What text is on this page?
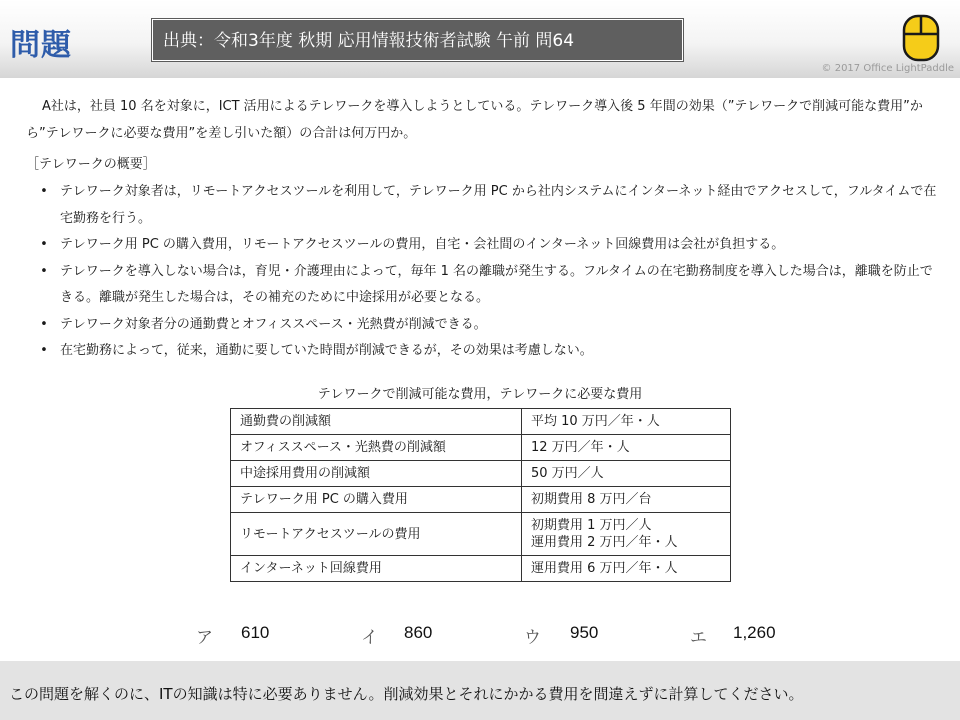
問題	出典：令和3年度 秋期 応用情報技術者試験 午前 問64
© 2017 Office LightPaddle

A社は，社員 10 名を対象に，ICT 活用によるテレワークを導入しようとしている。テレワーク導入後 5 年間の効果（”テレワークで削減可能な費用”から”テレワークに必要な費用”を差し引いた額）の合計は何万円か。

［テレワークの概要］

• テレワーク対象者は，リモートアクセスツールを利用して，テレワーク用 PC から社内システムにインターネット経由でアクセスして，フルタイムで在宅勤務を行う。
• テレワーク用 PC の購入費用，リモートアクセスツールの費用，自宅・会社間のインターネット回線費用は会社が負担する。
• テレワークを導入しない場合は，育児・介護理由によって，毎年 1 名の離職が発生する。フルタイムの在宅勤務制度を導入した場合は，離職を防止できる。離職が発生した場合は，その補充のために中途採用が必要となる。
• テレワーク対象者分の通勤費とオフィススペース・光熱費が削減できる。
• 在宅勤務によって，従来，通勤に要していた時間が削減できるが，その効果は考慮しない。

テレワークで削減可能な費用，テレワークに必要な費用

通勤費の削減額	平均 10 万円／年・人
オフィススペース・光熱費の削減額	12 万円／年・人
中途採用費用の削減額	50 万円／人
テレワーク用 PC の購入費用	初期費用 8 万円／台
リモートアクセスツールの費用	初期費用 1 万円／人
運用費用 2 万円／年・人

インターネット回線費用	運用費用 6 万円／年・人
ア 610	イ 860	ウ 950	エ 1,260
この問題を解くのに、ITの知識は特に必要ありません。削減効果とそれにかかる費用を間違えずに計算してください。
